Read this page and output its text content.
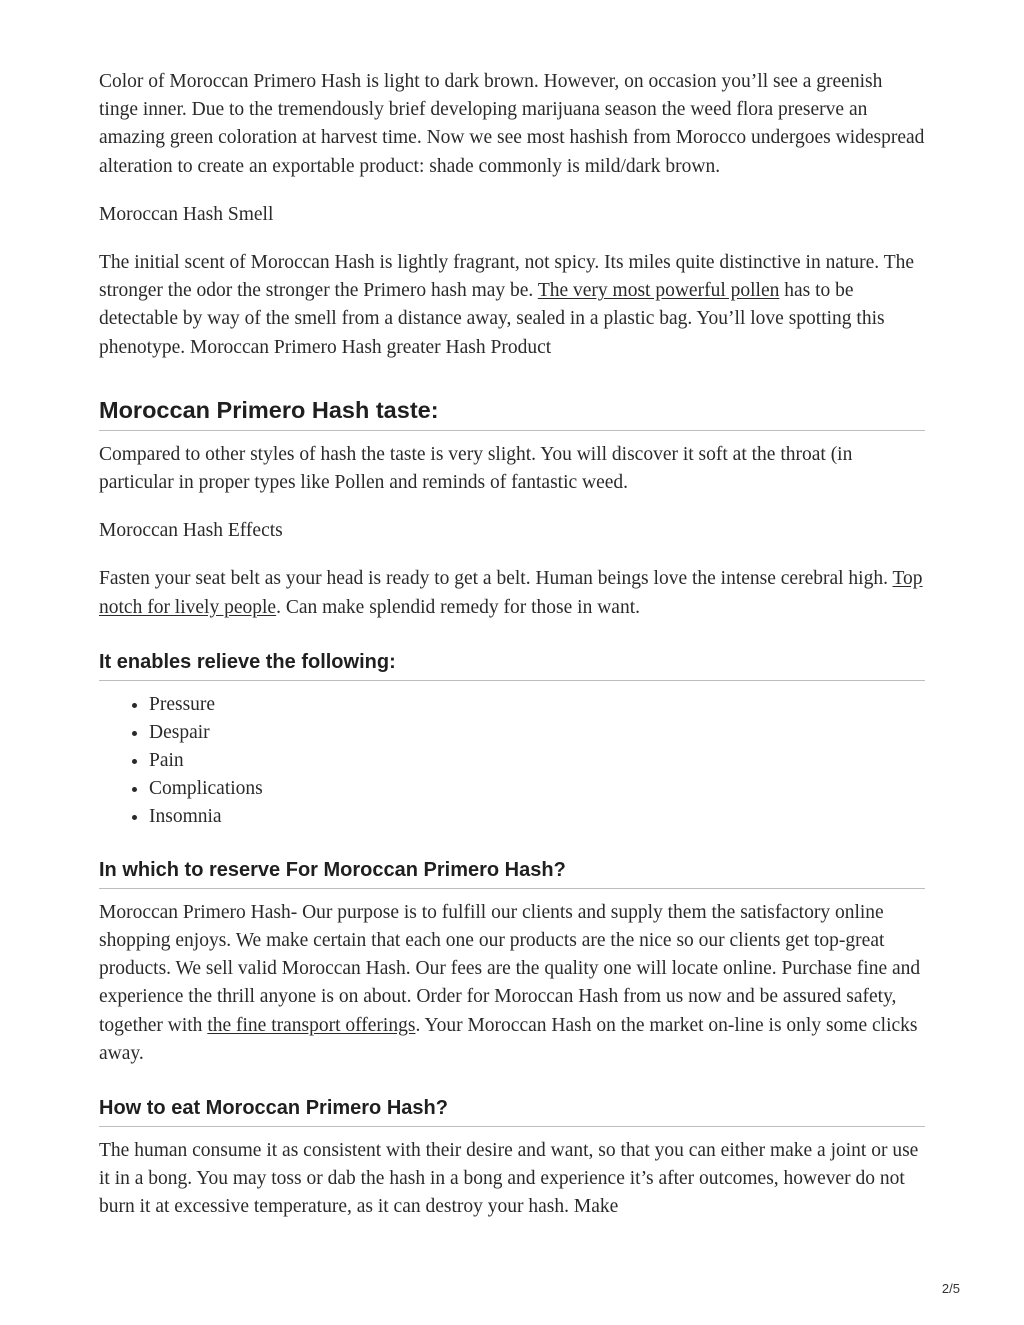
Color of Moroccan Primero Hash is light to dark brown. However, on occasion you’ll see a greenish tinge inner. Due to the tremendously brief developing marijuana season the weed flora preserve an amazing green coloration at harvest time. Now we see most hashish from Morocco undergoes widespread alteration to create an exportable product: shade commonly is mild/dark brown.

Moroccan Hash Smell

The initial scent of Moroccan Hash is lightly fragrant, not spicy. Its miles quite distinctive in nature. The stronger the odor the stronger the Primero hash may be. The very most powerful pollen has to be detectable by way of the smell from a distance away, sealed in a plastic bag. You’ll love spotting this phenotype. Moroccan Primero Hash greater Hash Product

Moroccan Primero Hash taste:

Compared to other styles of hash the taste is very slight. You will discover it soft at the throat (in particular in proper types like Pollen and reminds of fantastic weed.

Moroccan Hash Effects

Fasten your seat belt as your head is ready to get a belt. Human beings love the intense cerebral high. Top notch for lively people. Can make splendid remedy for those in want.

It enables relieve the following:
• Pressure
• Despair
• Pain
• Complications
• Insomnia
In which to reserve For Moroccan Primero Hash?

Moroccan Primero Hash- Our purpose is to fulfill our clients and supply them the satisfactory online shopping enjoys. We make certain that each one our products are the nice so our clients get top-great products. We sell valid Moroccan Hash. Our fees are the quality one will locate online. Purchase fine and experience the thrill anyone is on about. Order for Moroccan Hash from us now and be assured safety, together with the fine transport offerings. Your Moroccan Hash on the market on-line is only some clicks away.

How to eat Moroccan Primero Hash?

The human consume it as consistent with their desire and want, so that you can either make a joint or use it in a bong. You may toss or dab the hash in a bong and experience it’s after outcomes, however do not burn it at excessive temperature, as it can destroy your hash. Make

2/5
